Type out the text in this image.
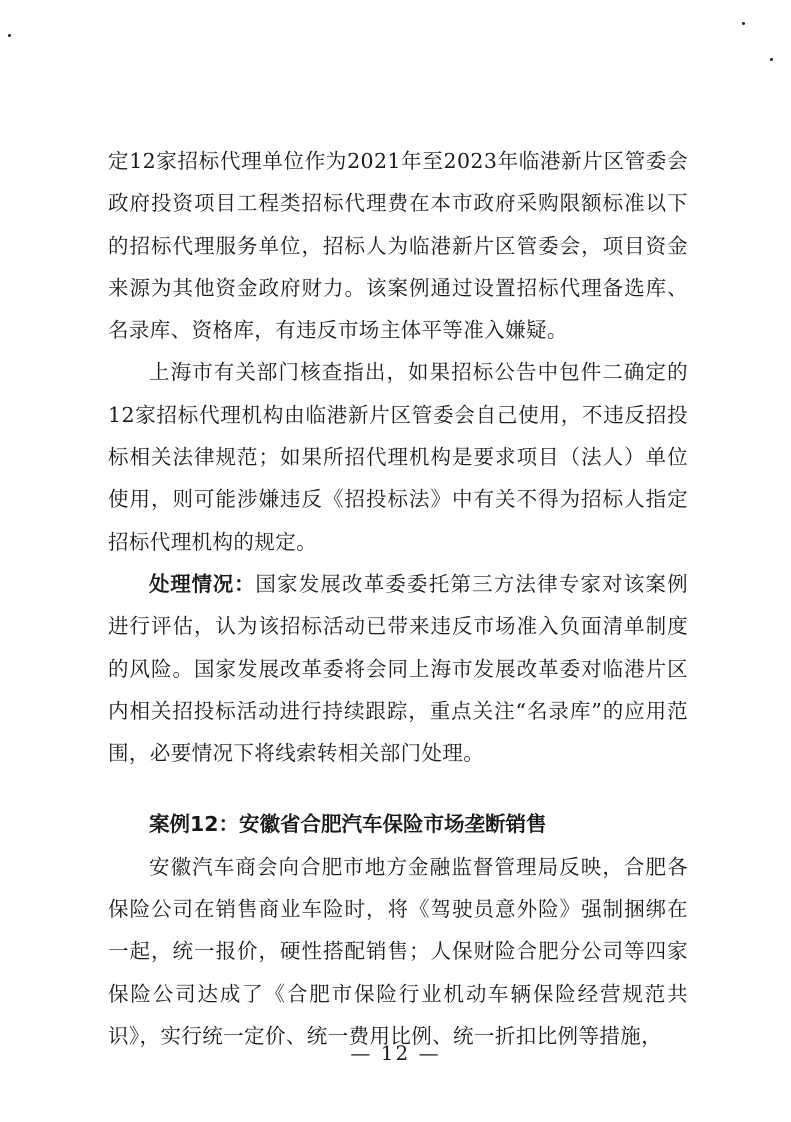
定12家招标代理单位作为2021年至2023年临港新片区管委会政府投资项目工程类招标代理费在本市政府采购限额标准以下的招标代理服务单位，招标人为临港新片区管委会，项目资金来源为其他资金政府财力。该案例通过设置招标代理备选库、名录库、资格库，有违反市场主体平等准入嫌疑。

上海市有关部门核查指出，如果招标公告中包件二确定的12家招标代理机构由临港新片区管委会自己使用，不违反招投标相关法律规范；如果所招代理机构是要求项目（法人）单位使用，则可能涉嫌违反《招投标法》中有关不得为招标人指定招标代理机构的规定。

处理情况：国家发展改革委委托第三方法律专家对该案例进行评估，认为该招标活动已带来违反市场准入负面清单制度的风险。国家发展改革委将会同上海市发展改革委对临港片区内相关招投标活动进行持续跟踪，重点关注“名录库”的应用范围，必要情况下将线索转相关部门处理。

案例12：安徽省合肥汽车保险市场垄断销售

安徽汽车商会向合肥市地方金融监督管理局反映，合肥各保险公司在销售商业车险时，将《驾驶员意外险》强制捆绑在一起，统一报价，硬性搭配销售；人保财险合肥分公司等四家保险公司达成了《合肥市保险行业机动车辆保险经营规范共识》，实行统一定价、统一费用比例、统一折扣比例等措施，

— 12 —
